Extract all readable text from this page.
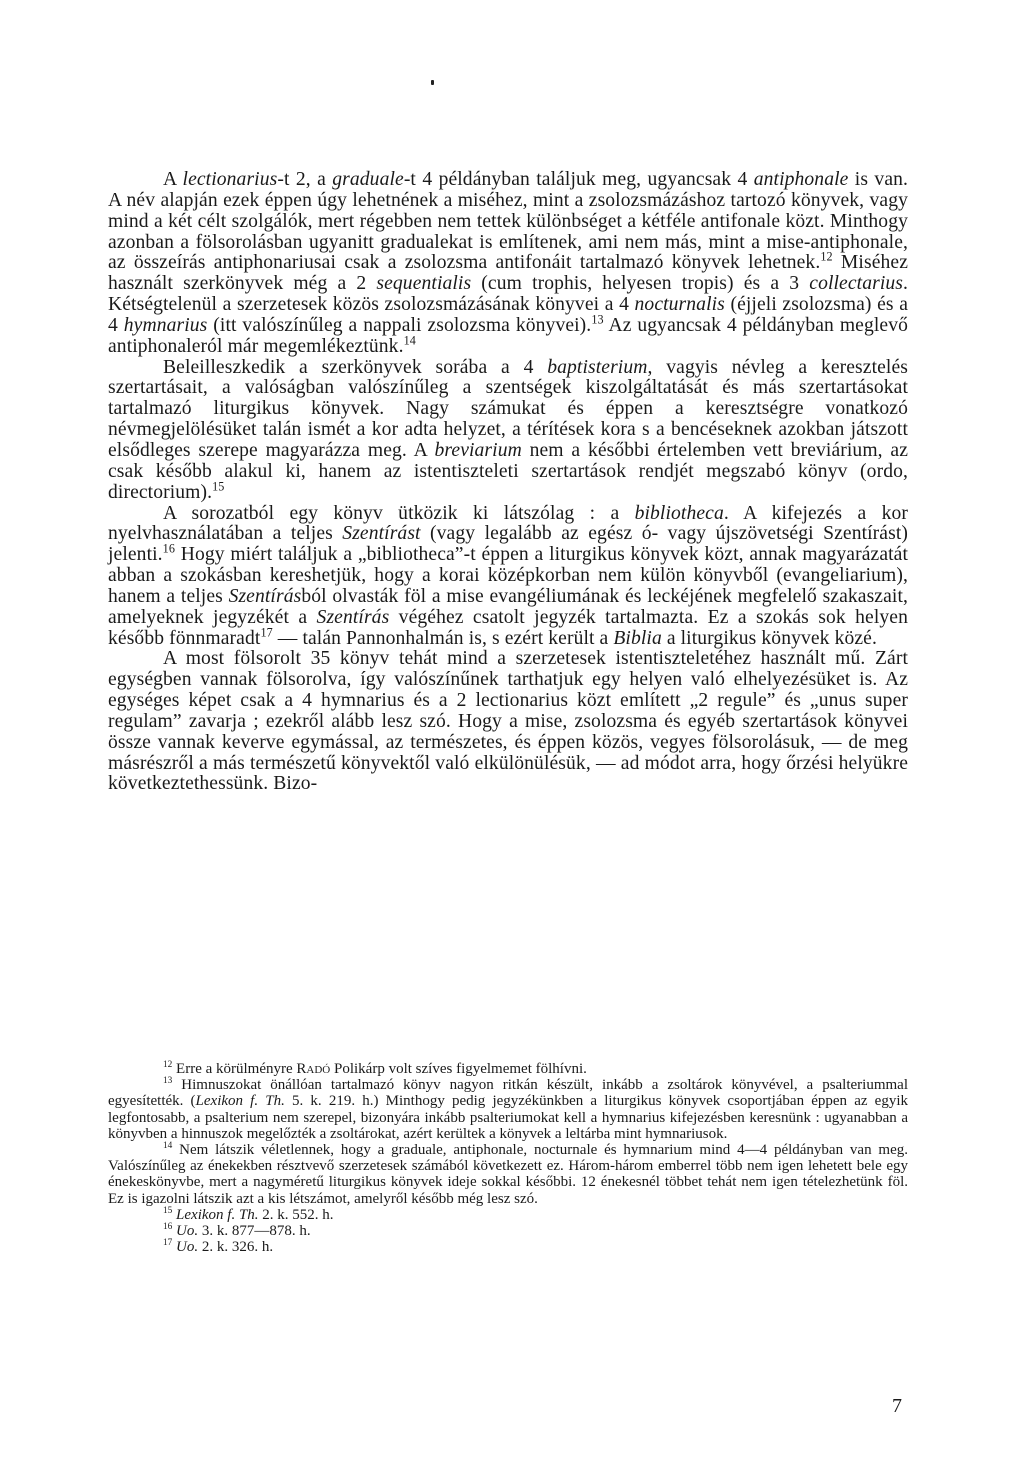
A lectionarius-t 2, a graduale-t 4 példányban találjuk meg, ugyancsak 4 antiphonale is van. A név alapján ezek éppen úgy lehetnének a miséhez, mint a zsolozsmázáshoz tartozó könyvek, vagy mind a két célt szolgálók, mert régebben nem tettek különbséget a kétféle antifonale közt. Minthogy azonban a fölsorolásban ugyanitt gradualekat is említenek, ami nem más, mint a mise-antiphonale, az összeírás antiphonariusai csak a zsolozsma antifonáit tartalmazó könyvek lehetnek.$^{12}$ Miséhez használt szerkönyvek még a 2 sequentialis (cum trophis, helyesen tropis) és a 3 collectarius. Kétségtelenül a szerzetesek közös zsolozsmázásának könyvei a 4 nocturnalis (éjjeli zsolozsma) és a 4 hymnarius (itt valószínűleg a nappali zsolozsma könyvei).$^{13}$ Az ugyancsak 4 példányban meglevő antiphonaleról már megemlékeztünk.$^{14}$

Beleilleszkedik a szerkönyvek sorába a 4 baptisterium, vagyis névleg a keresztelés szertartásait, a valóságban valószínűleg a szentségek kiszolgáltatását és más szertartásokat tartalmazó liturgikus könyvek. Nagy számukat és éppen a keresztségre vonatkozó névmegjelölésüket talán ismét a kor adta helyzet, a térítések kora s a bencéseknek azokban játszott elsődleges szerepe magyarázza meg. A breviarium nem a későbbi értelemben vett breviárium, az csak később alakul ki, hanem az istentiszteleti szertartások rendjét megszabó könyv (ordo, directorium).$^{15}$

A sorozatból egy könyv ütközik ki látszólag : a bibliotheca. A kifejezés a kor nyelvhasználatában a teljes Szentírást (vagy legalább az egész ó- vagy újszövetségi Szentírást) jelenti.$^{16}$ Hogy miért találjuk a „bibliotheca”-t éppen a liturgikus könyvek közt, annak magyarázatát abban a szokásban kereshetjük, hogy a korai középkorban nem külön könyvből (evangeliarium), hanem a teljes Szentírásból olvasták föl a mise evangéliumának és leckéjének megfelelő szakaszait, amelyeknek jegyzékét a Szentírás végéhez csatolt jegyzék tartalmazta. Ez a szokás sok helyen később fönnmaradt$^{17}$ — talán Pannonhalmán is, s ezért került a Biblia a liturgikus könyvek közé.

A most fölsorolt 35 könyv tehát mind a szerzetesek istentiszteletéhez használt mű. Zárt egységben vannak fölsorolva, így valószínűnek tarthatjuk egy helyen való elhelyezésüket is. Az egységes képet csak a 4 hymnarius és a 2 lectionarius közt említett „2 regule” és „unus super regulam” zavarja ; ezekről alább lesz szó. Hogy a mise, zsolozsma és egyéb szertartások könyvei össze vannak keverve egymással, az természetes, és éppen közös, vegyes fölsorolásuk, — de meg másrészről a más természetű könyvektől való elkülönülésük, — ad módot arra, hogy őrzési helyükre következtethessünk. Bizo-

$^{12}$ Erre a körülményre Radó Polikárp volt szíves figyelmemet fölhívni.

$^{13}$ Himnuszokat önállóan tartalmazó könyv nagyon ritkán készült, inkább a zsoltárok könyvével, a psalteriummal egyesítették. (Lexikon f. Th. 5. k. 219. h.) Minthogy pedig jegyzékünkben a liturgikus könyvek csoportjában éppen az egyik legfontosabb, a psalterium nem szerepel, bizonyára inkább psalteriumokat kell a hymnarius kifejezésben keresnünk : ugyanabban a könyvben a hinnuszok megelőzték a zsoltárokat, azért kerültek a könyvek a leltárba mint hymnariusok.

$^{14}$ Nem látszik véletlennek, hogy a graduale, antiphonale, nocturnale és hymnarium mind 4—4 példányban van meg. Valószínűleg az énekekben résztvevő szerzetesek számából következett ez. Három-három emberrel több nem igen lehetett bele egy énekeskönyvbe, mert a nagyméretű liturgikus könyvek ideje sokkal későbbi. 12 énekesnél többet tehát nem igen tételezhetünk föl. Ez is igazolni látszik azt a kis létszámot, amelyről később még lesz szó.

$^{15}$ Lexikon f. Th. 2. k. 552. h.

$^{16}$ Uo. 3. k. 877—878. h.

$^{17}$ Uo. 2. k. 326. h.

7
